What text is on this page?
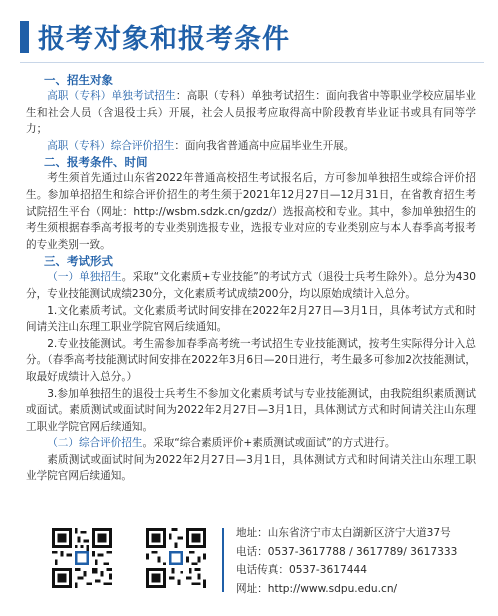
报考对象和报考条件
一、招生对象

高职（专科）单独考试招生：高职（专科）单独考试招生：面向我省中等职业学校应届毕业生和社会人员（含退役士兵）开展，社会人员报考应取得高中阶段教育毕业证书或具有同等学力；

高职（专科）综合评价招生：面向我省普通高中应届毕业生开展。

二、报考条件、时间

考生须首先通过山东省2022年普通高校招生考试报名后，方可参加单独招生或综合评价招生。参加单招招生和综合评价招生的考生须于2021年12月27日—12月31日，在省教育招生考试院招生平台（网址：http://wsbm.sdzk.cn/gzdz/）选报高校和专业。其中，参加单独招生的考生须根据春季高考报考的专业类别选报专业，选报专业对应的专业类别应与本人春季高考报考的专业类别一致。

三、考试形式

（一）单独招生。采取“文化素质+专业技能”的考试方式（退役士兵考生除外）。总分为430分，专业技能测试成绩230分，文化素质考试成绩200分，均以原始成绩计入总分。

1.文化素质考试。文化素质考试时间安排在2022年2月27日—3月1日，具体考试方式和时间请关注山东理工职业学院官网后续通知。

2.专业技能测试。考生需参加春季高考统一考试招生专业技能测试，按考生实际得分计入总分。（春季高考技能测试时间安排在2022年3月6日—20日进行，考生最多可参加2次技能测试，取最好成绩计入总分。）

3.参加单独招生的退役士兵考生不参加文化素质考试与专业技能测试，由我院组织素质测试或面试。素质测试或面试时间为2022年2月27日—3月1日，具体测试方式和时间请关注山东理工职业学院官网后续通知。

（二）综合评价招生。采取“综合素质评价+素质测试或面试”的方式进行。

素质测试或面试时间为2022年2月27日—3月1日，具体测试方式和时间请关注山东理工职业学院官网后续通知。

地址：山东省济宁市太白湖新区济宁大道37号
电话：0537-3617788 / 3617789/ 3617333
电话传真：0537-3617444
网址：http://www.sdpu.edu.cn/
